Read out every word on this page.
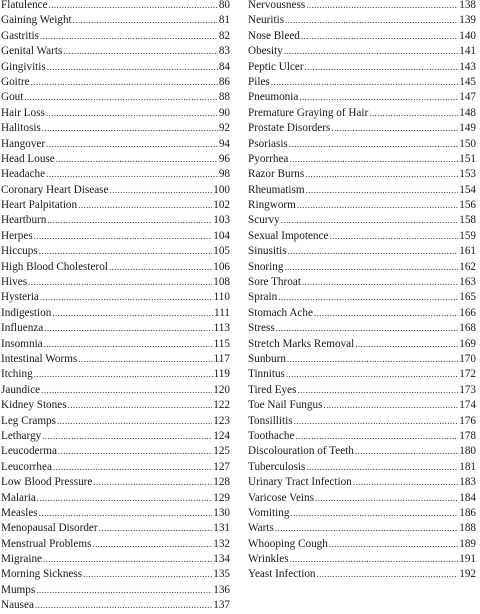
Flatulence .....	80
Gaining Weight .....	81
Gastritis .....	82
Genital Warts .....	83
Gingivitis .....	84
Goitre .....	86
Gout .....	88
Hair Loss .....	90
Halitosis .....	92
Hangover .....	94
Head Louse .....	96
Headache .....	98
Coronary Heart Disease .....	100
Heart Palpitation .....	102
Heartburn .....	103
Herpes .....	104
Hiccups .....	105
High Blood Cholesterol .....	106
Hives .....	108
Hysteria .....	110
Indigestion .....	111
Influenza .....	113
Insomnia .....	115
Intestinal Worms .....	117
Itching .....	119
Jaundice .....	120
Kidney Stones .....	122
Leg Cramps .....	123
Lethargy .....	124
Leucoderma .....	125
Leucorrhea .....	127
Low Blood Pressure .....	128
Malaria .....	129
Measles .....	130
Menopausal Disorder .....	131
Menstrual Problems .....	132
Migraine .....	134
Morning Sickness .....	135
Mumps .....	136
Nausea .....	137
Nervousness .....	138
Neuritis .....	139
Nose Bleed .....	140
Obesity .....	141
Peptic Ulcer .....	143
Piles .....	145
Pneumonia .....	147
Premature Graying of Hair .....	148
Prostate Disorders .....	149
Psoriasis .....	150
Pyorrhea .....	151
Razor Burns .....	153
Rheumatism .....	154
Ringworm .....	156
Scurvy .....	158
Sexual Impotence .....	159
Sinusitis .....	161
Snoring .....	162
Sore Throat .....	163
Sprain .....	165
Stomach Ache .....	166
Stress .....	168
Stretch Marks Removal .....	169
Sunburn .....	170
Tinnitus .....	172
Tired Eyes .....	173
Toe Nail Fungus .....	174
Tonsillitis .....	176
Toothache .....	178
Discolouration of Teeth .....	180
Tuberculosis .....	181
Urinary Tract Infection .....	183
Varicose Veins .....	184
Vomiting .....	186
Warts .....	188
Whooping Cough .....	189
Wrinkles .....	191
Yeast Infection .....	192
